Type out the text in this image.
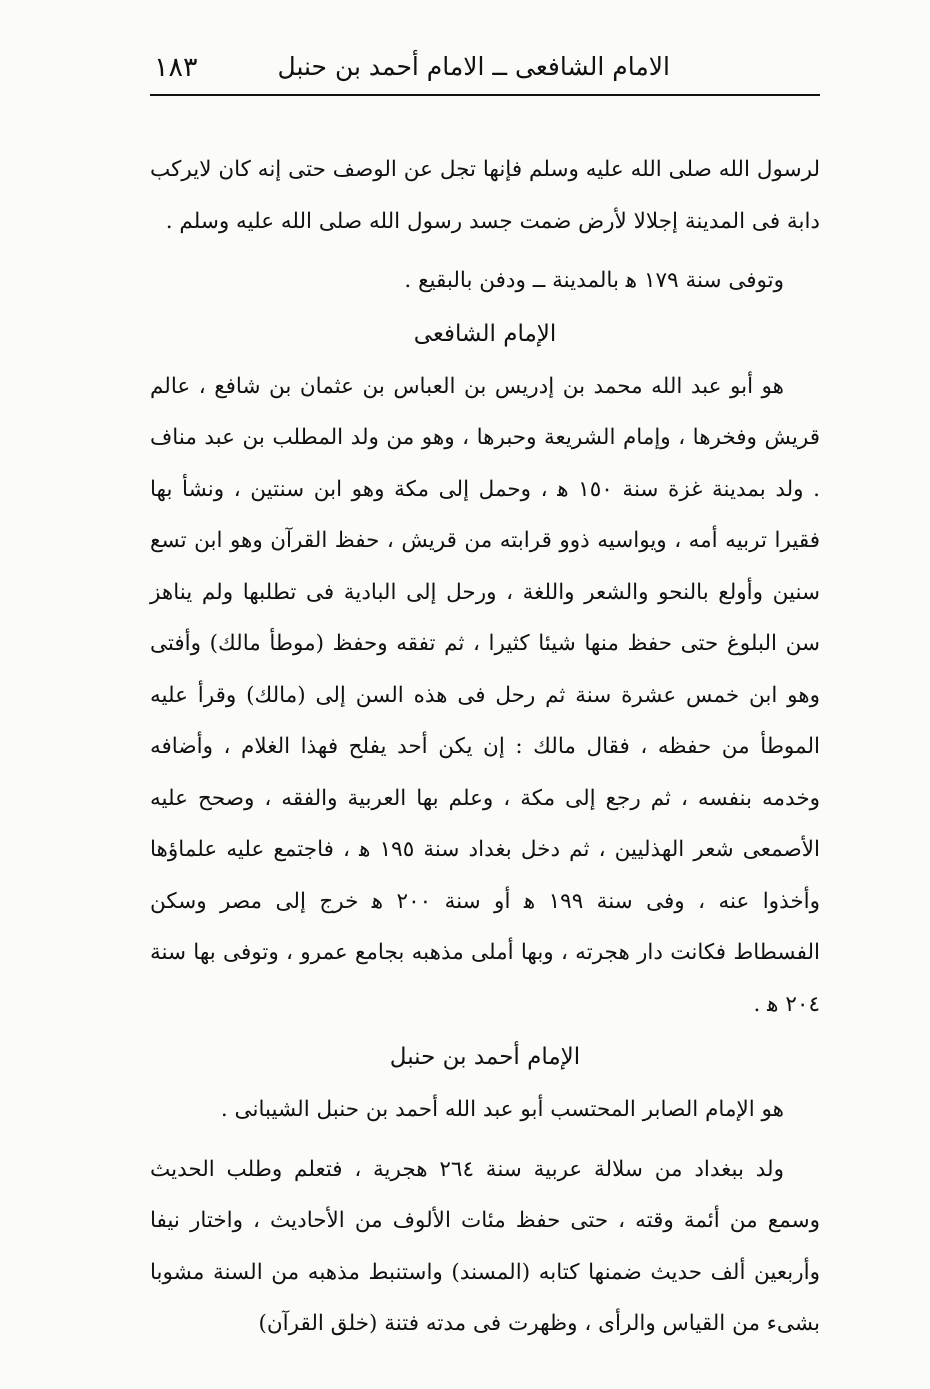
الامام الشافعى ــ الامام أحمد بن حنبل
١٨٣

لرسول الله صلى الله عليه وسلم فإنها تجل عن الوصف حتى إنه كان لايركب دابة فى المدينة إجلالا لأرض ضمت جسد رسول الله صلى الله عليه وسلم .

وتوفى سنة ١٧٩ ﻫ بالمدينة ــ ودفن بالبقيع .

الإمام الشافعى

هو أبو عبد الله محمد بن إدريس بن العباس بن عثمان بن شافع ، عالم قريش وفخرها ، وإمام الشريعة وحبرها ، وهو من ولد المطلب بن عبد مناف . ولد بمدينة غزة سنة ١٥٠ ﻫ ، وحمل إلى مكة وهو ابن سنتين ، ونشأ بها فقيرا تربيه أمه ، ويواسيه ذوو قرابته من قريش ، حفظ القرآن وهو ابن تسع سنين وأولع بالنحو والشعر واللغة ، ورحل إلى البادية فى تطلبها ولم يناهز سن البلوغ حتى حفظ منها شيئا كثيرا ، ثم تفقه وحفظ (موطأ مالك) وأفتى وهو ابن خمس عشرة سنة ثم رحل فى هذه السن إلى (مالك) وقرأ عليه الموطأ من حفظه ، فقال مالك : إن يكن أحد يفلح فهذا الغلام ، وأضافه وخدمه بنفسه ، ثم رجع إلى مكة ، وعلم بها العربية والفقه ، وصحح عليه الأصمعى شعر الهذليين ، ثم دخل بغداد سنة ١٩٥ ﻫ ، فاجتمع عليه علماؤها وأخذوا عنه ، وفى سنة ١٩٩ ﻫ أو سنة ٢٠٠ ﻫ خرج إلى مصر وسكن الفسطاط فكانت دار هجرته ، وبها أملى مذهبه بجامع عمرو ، وتوفى بها سنة ٢٠٤ ﻫ .

الإمام أحمد بن حنبل

هو الإمام الصابر المحتسب أبو عبد الله أحمد بن حنبل الشيبانى .

ولد ببغداد من سلالة عربية سنة ٢٦٤ هجرية ، فتعلم وطلب الحديث وسمع من أئمة وقته ، حتى حفظ مئات الألوف من الأحاديث ، واختار نيفا وأربعين ألف حديث ضمنها كتابه (المسند) واستنبط مذهبه من السنة مشوبا بشىء من القياس والرأى ، وظهرت فى مدته فتنة (خلق القرآن)
